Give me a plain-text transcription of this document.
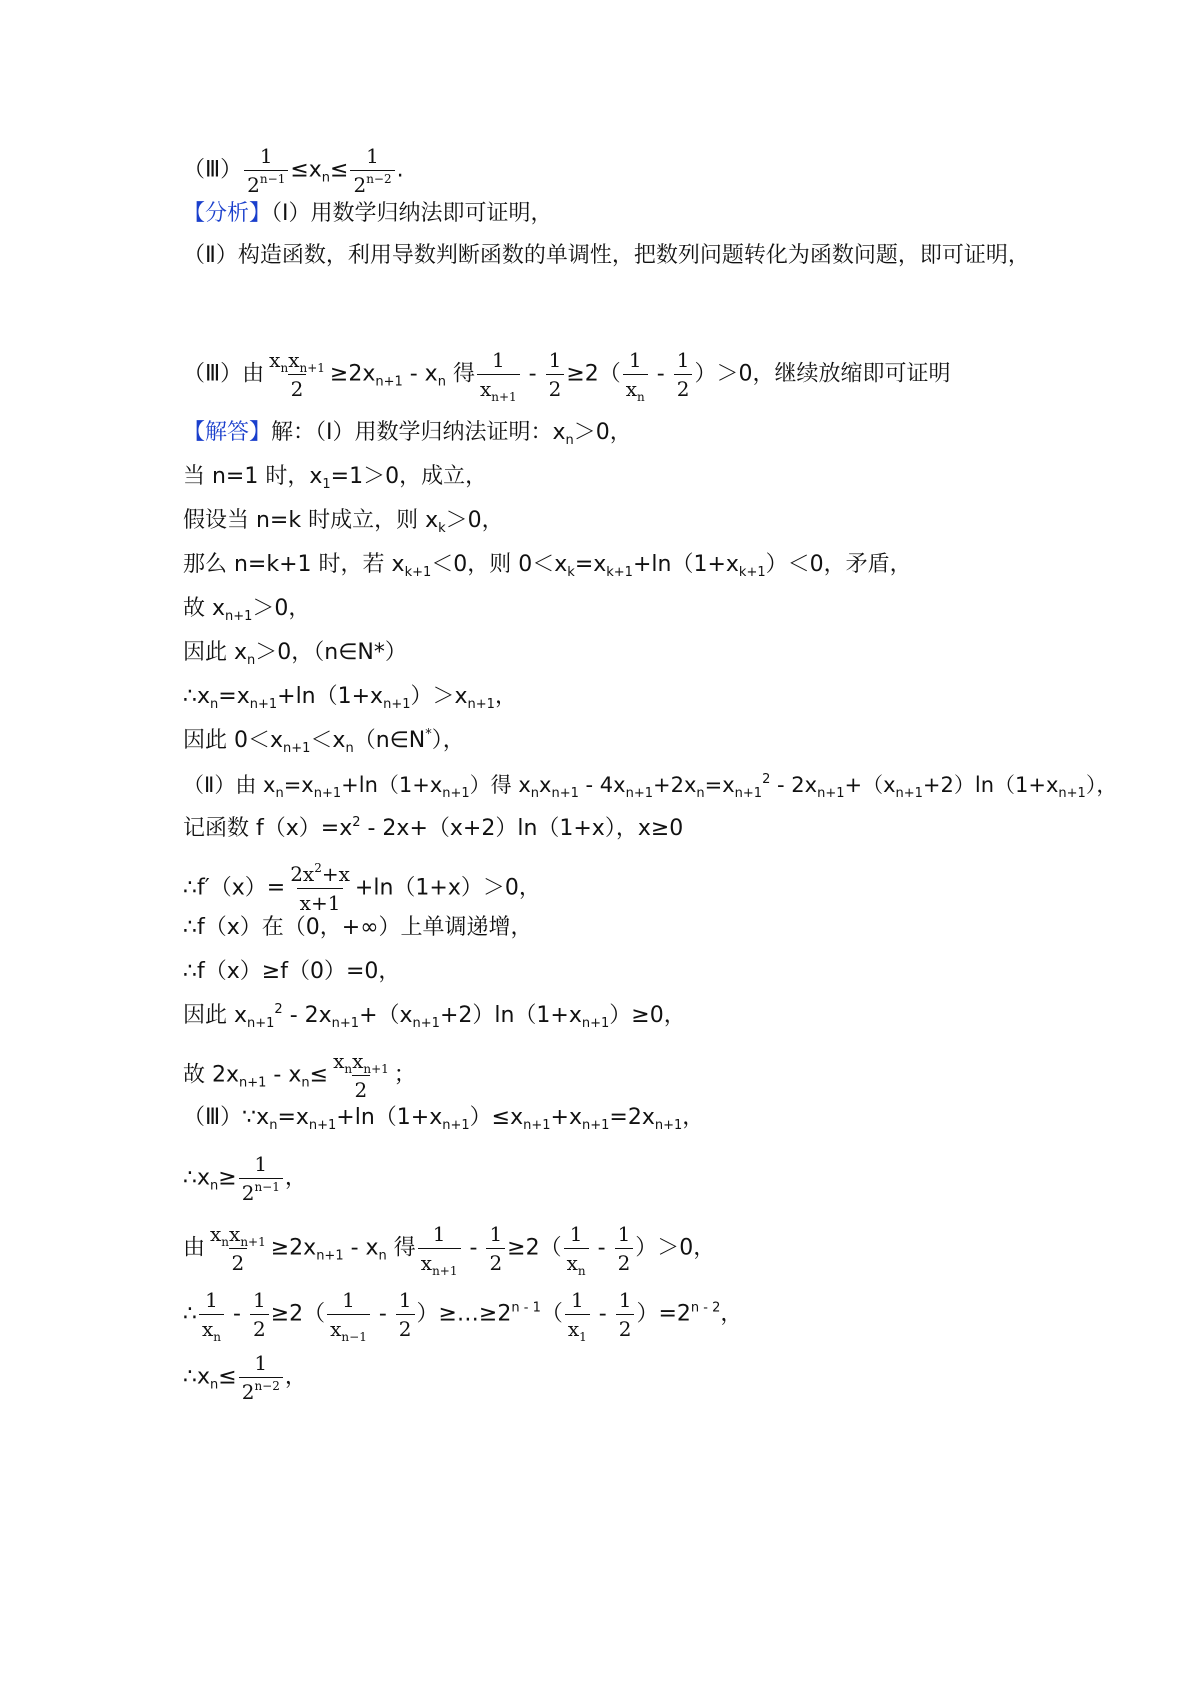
（Ⅲ） $\frac{1}{2^{n-1}} \le x_n\le \frac{1}{2^{n-2}}$ .
【分析】（Ⅰ）用数学归纳法即可证明，
（Ⅱ）构造函数，利用导数判断函数的单调性，把数列问题转化为函数问题，即可证明，
（Ⅲ）由 $\frac{x_nx_{n+1}}{2} \ge 2x_{n+1} - x_n$ 得 $\frac{1}{x_{n+1}} - \frac{1}{2} \ge 2( \frac{1}{x_n} - \frac{1}{2} )>0$，继续放缩即可证明
【解答】解：（Ⅰ）用数学归纳法证明：$x_n>0$，
当 n=1 时，$x_1=1>0$，成立，
假设当 n=k 时成立，则 $x_k>0$，
那么 n=k+1 时，若 $x_{k+1}<0$，则 $0<x_k=x_{k+1}+\ln(1+x_{k+1})<0$，矛盾，
故 $x_{n+1}>0$，
因此 $x_n>0$，（n∈N*）
$\therefore x_n=x_{n+1}+\ln(1+x_{n+1})>x_{n+1}$，
因此 $0<x_{n+1}<x_n(n\in N^*)$，
（Ⅱ）由 $x_n=x_{n+1}+\ln(1+x_{n+1})$得 $x_nx_{n+1} - 4x_{n+1}+2x_n=x_{n+1}^2 - 2x_{n+1}+(x_{n+1}+2)\ln(1+x_{n+1})$，
记函数 $f(x)=x^2 - 2x+(x+2)\ln(1+x)$，x≥0
∴f′（x）= $\frac{2x^2+x}{x+1} +\ln(1+x)>0$，
∴f（x）在（0，+∞）上单调递增，
∴f（x）≥f（0）=0，
因此 $x_{n+1}^2 - 2x_{n+1}+(x_{n+1}+2)\ln(1+x_{n+1})\ge 0$，
故 $2x_{n+1} - x_n\le \frac{x_nx_{n+1}}{2}$ ；
$(Ⅲ)\because x_n=x_{n+1}+\ln(1+x_{n+1})\le x_{n+1}+x_{n+1}=2x_{n+1}$，
$\therefore x_n\ge \frac{1}{2^{n-1}}$ ，
由 $\frac{x_nx_{n+1}}{2} \ge 2x_{n+1} - x_n$ 得 $\frac{1}{x_{n+1}} - \frac{1}{2} \ge 2( \frac{1}{x_n} - \frac{1}{2} )>0$，
∴ $\frac{1}{x_n} - \frac{1}{2} \ge 2( \frac{1}{x_{n-1}} - \frac{1}{2}$ ）$\ge\dots\ge 2^{n - 1}( \frac{1}{x_1} - \frac{1}{2} )=2^{n - 2}$，
$\therefore x_n\le \frac{1}{2^{n-2}}$ ，
